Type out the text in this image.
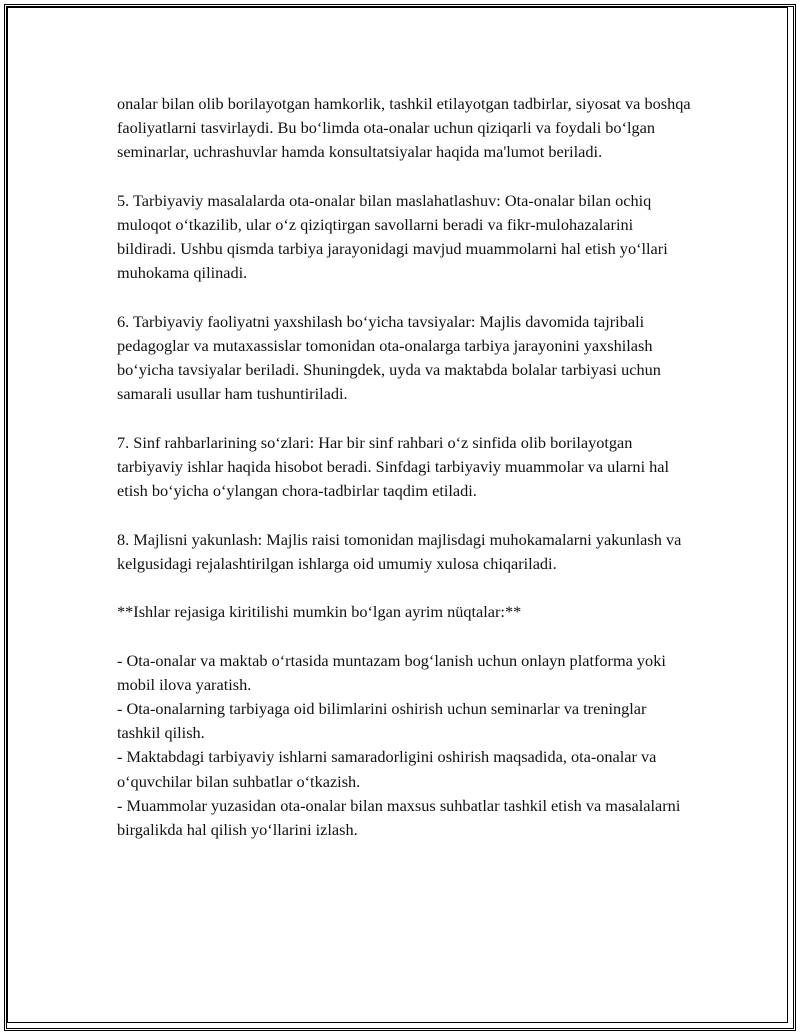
onalar bilan olib borilayotgan hamkorlik, tashkil etilayotgan tadbirlar, siyosat va boshqa faoliyatlarni tasvirlaydi. Bu bo‘limda ota-onalar uchun qiziqarli va foydali bo‘lgan seminarlar, uchrashuvlar hamda konsultatsiyalar haqida ma'lumot beriladi.

5. Tarbiyaviy masalalarda ota-onalar bilan maslahatlashuv: Ota-onalar bilan ochiq muloqot o‘tkazilib, ular o‘z qiziqtirgan savollarni beradi va fikr-mulohazalarini bildiradi. Ushbu qismda tarbiya jarayonidagi mavjud muammolarni hal etish yo‘llari muhokama qilinadi.

6. Tarbiyaviy faoliyatni yaxshilash bo‘yicha tavsiyalar: Majlis davomida tajribali pedagoglar va mutaxassislar tomonidan ota-onalarga tarbiya jarayonini yaxshilash bo‘yicha tavsiyalar beriladi. Shuningdek, uyda va maktabda bolalar tarbiyasi uchun samarali usullar ham tushuntiriladi.

7. Sinf rahbarlarining so‘zlari: Har bir sinf rahbari o‘z sinfida olib borilayotgan tarbiyaviy ishlar haqida hisobot beradi. Sinfdagi tarbiyaviy muammolar va ularni hal etish bo‘yicha o‘ylangan chora-tadbirlar taqdim etiladi.

8. Majlisni yakunlash: Majlis raisi tomonidan majlisdagi muhokamalarni yakunlash va kelgusidagi rejalashtirilgan ishlarga oid umumiy xulosa chiqariladi.

**Ishlar rejasiga kiritilishi mumkin bo‘lgan ayrim nüqtalar:**

- Ota-onalar va maktab o‘rtasida muntazam bog‘lanish uchun onlayn platforma yoki mobil ilova yaratish.
- Ota-onalarning tarbiyaga oid bilimlarini oshirish uchun seminarlar va treninglar tashkil qilish.
- Maktabdagi tarbiyaviy ishlarni samaradorligini oshirish maqsadida, ota-onalar va o‘quvchilar bilan suhbatlar o‘tkazish.
- Muammolar yuzasidan ota-onalar bilan maxsus suhbatlar tashkil etish va masalalarni birgalikda hal qilish yo‘llarini izlash.
